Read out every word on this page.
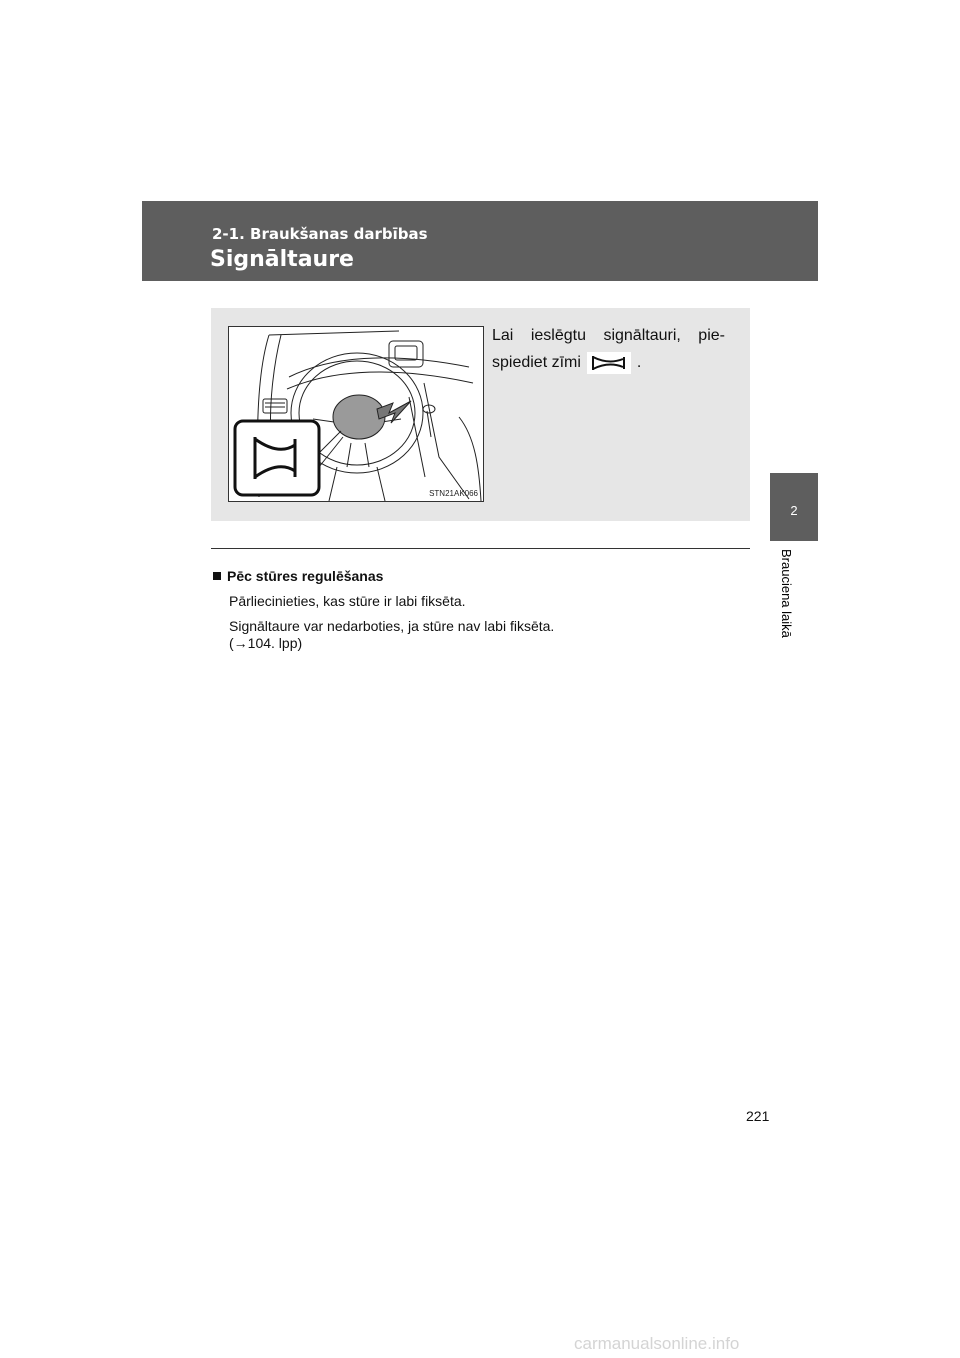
2-1. Braukšanas darbības
Signāltaure
2
Brauciena laikā
STN21AK066
Lai ieslēgtu signāltauri, pie-
spiediet zīmi	.
Pēc stūres regulēšanas

Pārliecinieties, kas stūre ir labi fiksēta.

Signāltaure var nedarboties, ja stūre nav labi fiksēta.

(→104. lpp)

221
carmanualsonline.info
